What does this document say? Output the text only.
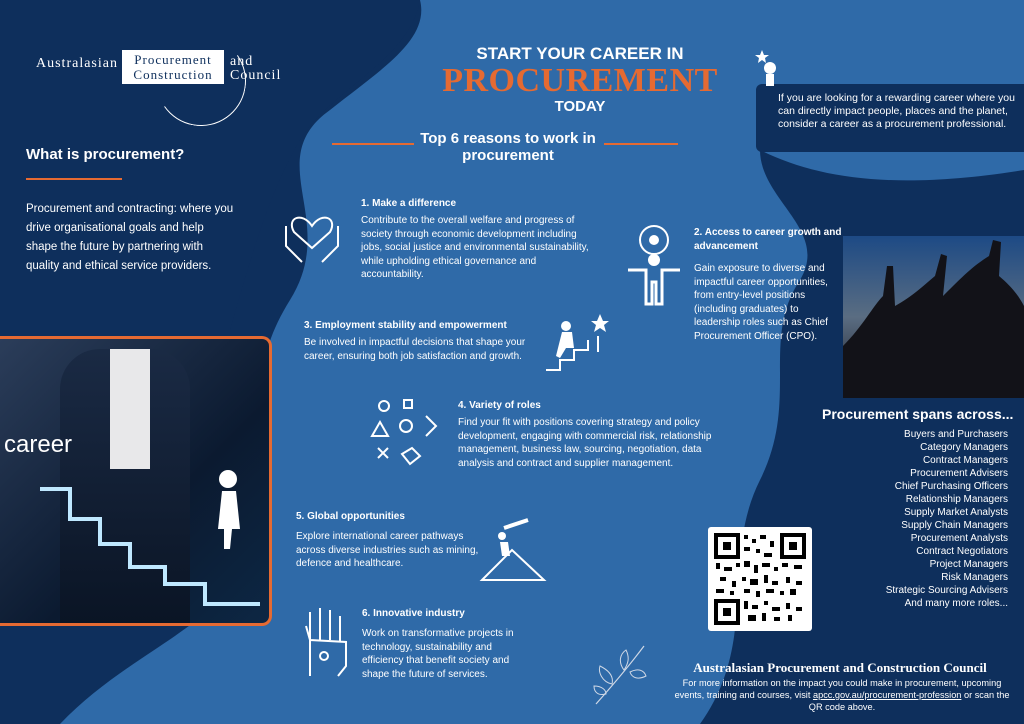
Australasian	Procurement
Construction
and
Council
START YOUR CAREER IN
PROCUREMENT
TODAY	If you are looking for a rewarding career where you can directly impact people, places and the planet, consider a career as a procurement professional.
Top 6 reasons to work in procurement
What is procurement?
Procurement and contracting: where you drive organisational goals and help shape the future by partnering with quality and ethical service providers.
career
1. Make a difference
Contribute to the overall welfare and progress of society through economic development including jobs, social justice and environmental sustainability, while upholding ethical governance and accountability.
2. Access to career growth and advancement
Gain exposure to diverse and impactful career opportunities, from entry-level positions (including graduates) to leadership roles such as Chief Procurement Officer (CPO).
3. Employment stability and empowerment
Be involved in impactful decisions that shape your career, ensuring both job satisfaction and growth.
4. Variety of roles
Find your fit with positions covering strategy and policy development, engaging with commercial risk, relationship management, business law, sourcing, negotiation, data analysis and contract and supplier management.
5. Global opportunities
Explore international career pathways across diverse industries such as mining, defence and healthcare.
6. Innovative industry
Work on transformative projects in technology, sustainability and efficiency that benefit society and shape the future of services.
Procurement spans across...
Buyers and Purchasers
Category Managers
Contract Managers
Procurement Advisers
Chief Purchasing Officers
Relationship Managers
Supply Market Analysts
Supply Chain Managers
Procurement Analysts
Contract Negotiators
Project Managers
Risk Managers
Strategic Sourcing Advisers
And many more roles...
Australasian Procurement and Construction Council
For more information on the impact you could make in procurement, upcoming events, training and courses, visit apcc.gov.au/procurement-profession or scan the QR code above.
